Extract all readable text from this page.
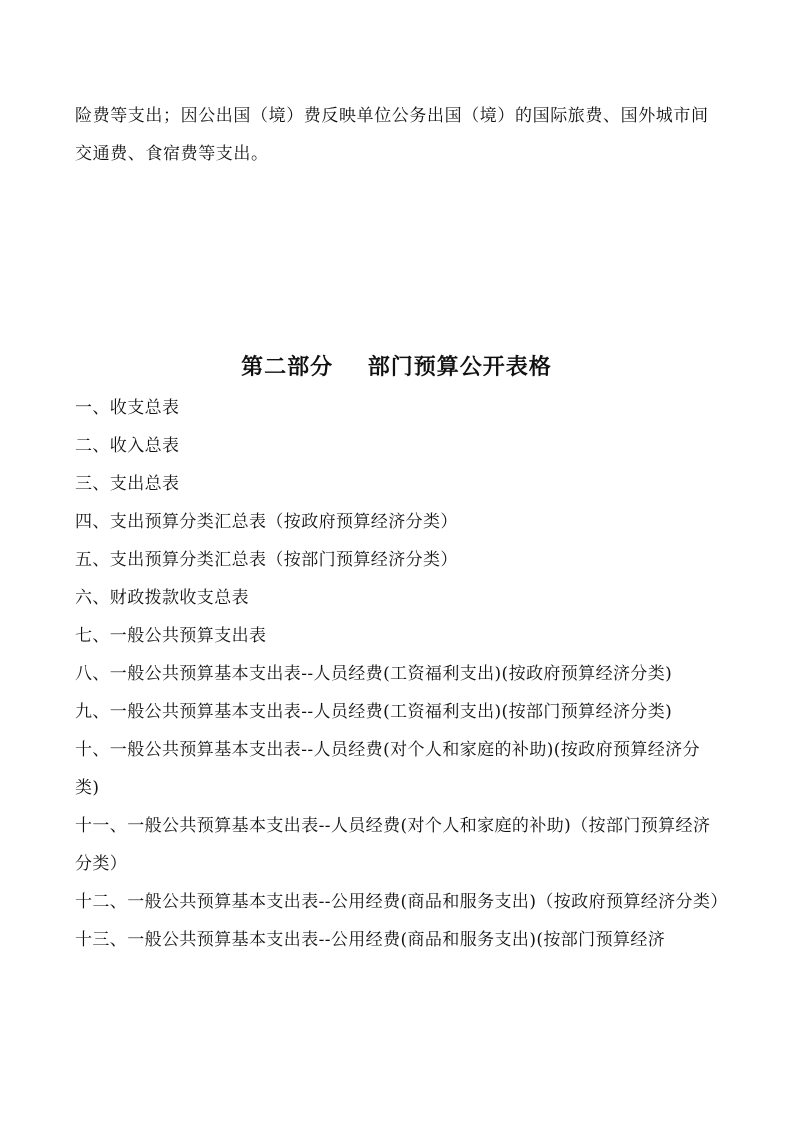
险费等支出；因公出国（境）费反映单位公务出国（境）的国际旅费、国外城市间交通费、食宿费等支出。

第二部分    部门预算公开表格
一、收支总表
二、收入总表
三、支出总表
四、支出预算分类汇总表（按政府预算经济分类）
五、支出预算分类汇总表（按部门预算经济分类）
六、财政拨款收支总表
七、一般公共预算支出表
八、一般公共预算基本支出表--人员经费(工资福利支出)(按政府预算经济分类)
九、一般公共预算基本支出表--人员经费(工资福利支出)(按部门预算经济分类)
十、一般公共预算基本支出表--人员经费(对个人和家庭的补助)(按政府预算经济分类)
十一、一般公共预算基本支出表--人员经费(对个人和家庭的补助)（按部门预算经济分类）
十二、一般公共预算基本支出表--公用经费(商品和服务支出)（按政府预算经济分类）
十三、一般公共预算基本支出表--公用经费(商品和服务支出)(按部门预算经济
